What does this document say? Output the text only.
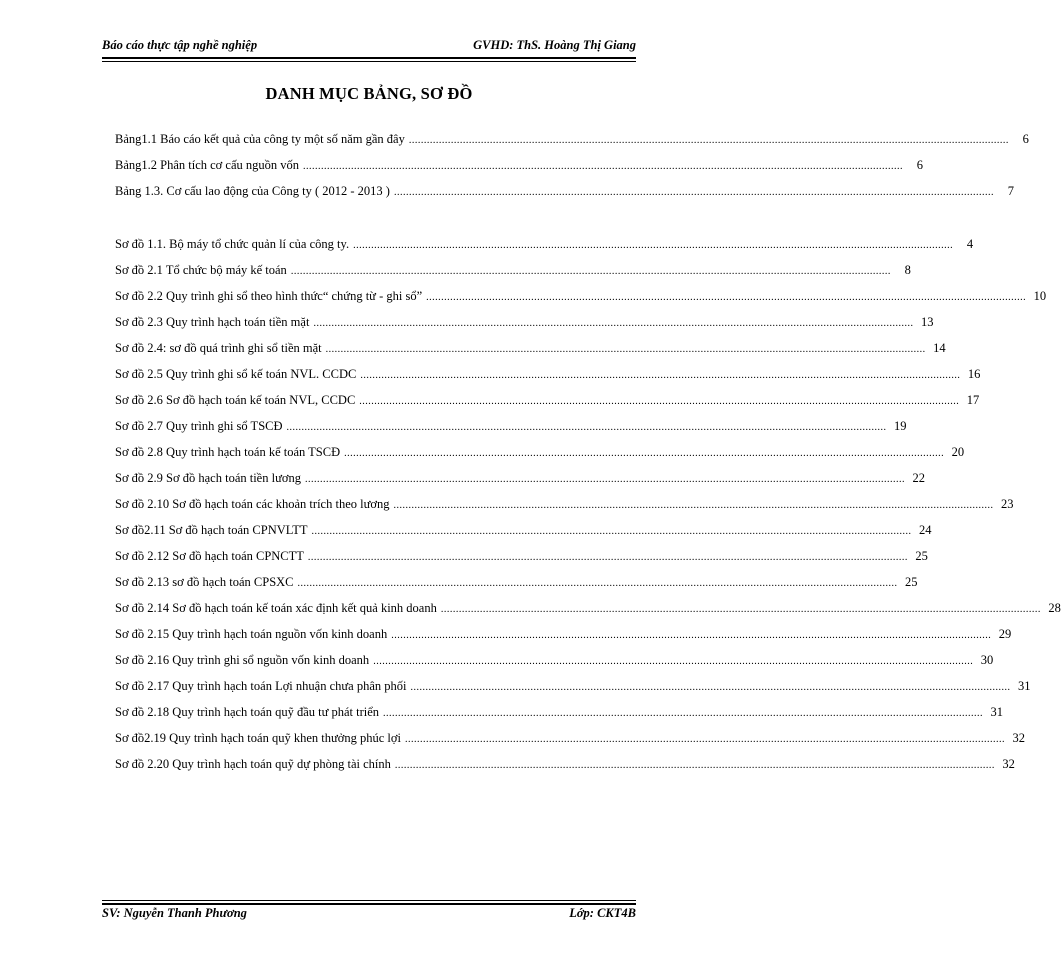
Báo cáo thực tập nghề nghiệp	GVHD: ThS. Hoàng Thị Giang
DANH MỤC BẢNG, SƠ ĐỒ
Bảng1.1 Báo cáo kết quả của công ty một số năm gần đây ........................................................................................................................................................................................................	6
Bảng1.2 Phân tích cơ cấu nguồn vốn ........................................................................................................................................................................................................	6
Bảng 1.3. Cơ cấu lao động của Công ty ( 2012 - 2013 ) ........................................................................................................................................................................................................	7
Sơ đồ 1.1. Bộ máy tổ chức quản lí của công ty. ........................................................................................................................................................................................................	4
Sơ đồ 2.1 Tổ chức bộ máy kế toán ........................................................................................................................................................................................................	8
Sơ đồ 2.2 Quy trình ghi sổ theo hình thức“ chứng từ - ghi sổ” ........................................................................................................................................................................................................ 10
Sơ đồ 2.3 Quy trình hạch toán tiền mặt ........................................................................................................................................................................................................ 13
Sơ đồ 2.4: sơ đồ quá trình ghi sổ tiền mặt ........................................................................................................................................................................................................ 14
Sơ đồ 2.5 Quy trình ghi sổ kế toán NVL. CCDC ........................................................................................................................................................................................................ 16
Sơ đồ 2.6 Sơ đồ hạch toán kế toán NVL, CCDC ........................................................................................................................................................................................................ 17
Sơ đồ 2.7 Quy trình ghi sổ TSCĐ ........................................................................................................................................................................................................ 19
Sơ đồ 2.8 Quy trình hạch toán kế toán TSCĐ ........................................................................................................................................................................................................ 20
Sơ đồ 2.9 Sơ đồ hạch toán tiền lương ........................................................................................................................................................................................................ 22
Sơ đồ 2.10 Sơ đồ hạch toán các khoản trích theo lương ........................................................................................................................................................................................................ 23
Sơ đồ2.11 Sơ đồ hạch toán CPNVLTT ........................................................................................................................................................................................................ 24
Sơ đồ 2.12 Sơ đồ hạch toán CPNCTT ........................................................................................................................................................................................................ 25
Sơ đồ 2.13 sơ đồ hạch toán CPSXC ........................................................................................................................................................................................................ 25
Sơ đồ 2.14 Sơ đồ hạch toán kế toán xác định kết quả kinh doanh ........................................................................................................................................................................................................ 28
Sơ đồ 2.15 Quy trình hạch toán nguồn vốn kinh doanh ........................................................................................................................................................................................................ 29
Sơ đồ 2.16 Quy trình ghi sổ nguồn vốn kinh doanh ........................................................................................................................................................................................................ 30
Sơ đồ 2.17 Quy trình hạch toán Lợi nhuận chưa phân phối ........................................................................................................................................................................................................ 31
Sơ đồ 2.18 Quy trình hạch toán quỹ đầu tư phát triển ........................................................................................................................................................................................................ 31
Sơ đồ2.19 Quy trình hạch toán quỹ khen thưởng phúc lợi ........................................................................................................................................................................................................ 32
Sơ đồ 2.20 Quy trình hạch toán quỹ dự phòng tài chính ........................................................................................................................................................................................................ 32
SV: Nguyễn Thanh Phương	Lớp: CKT4B
